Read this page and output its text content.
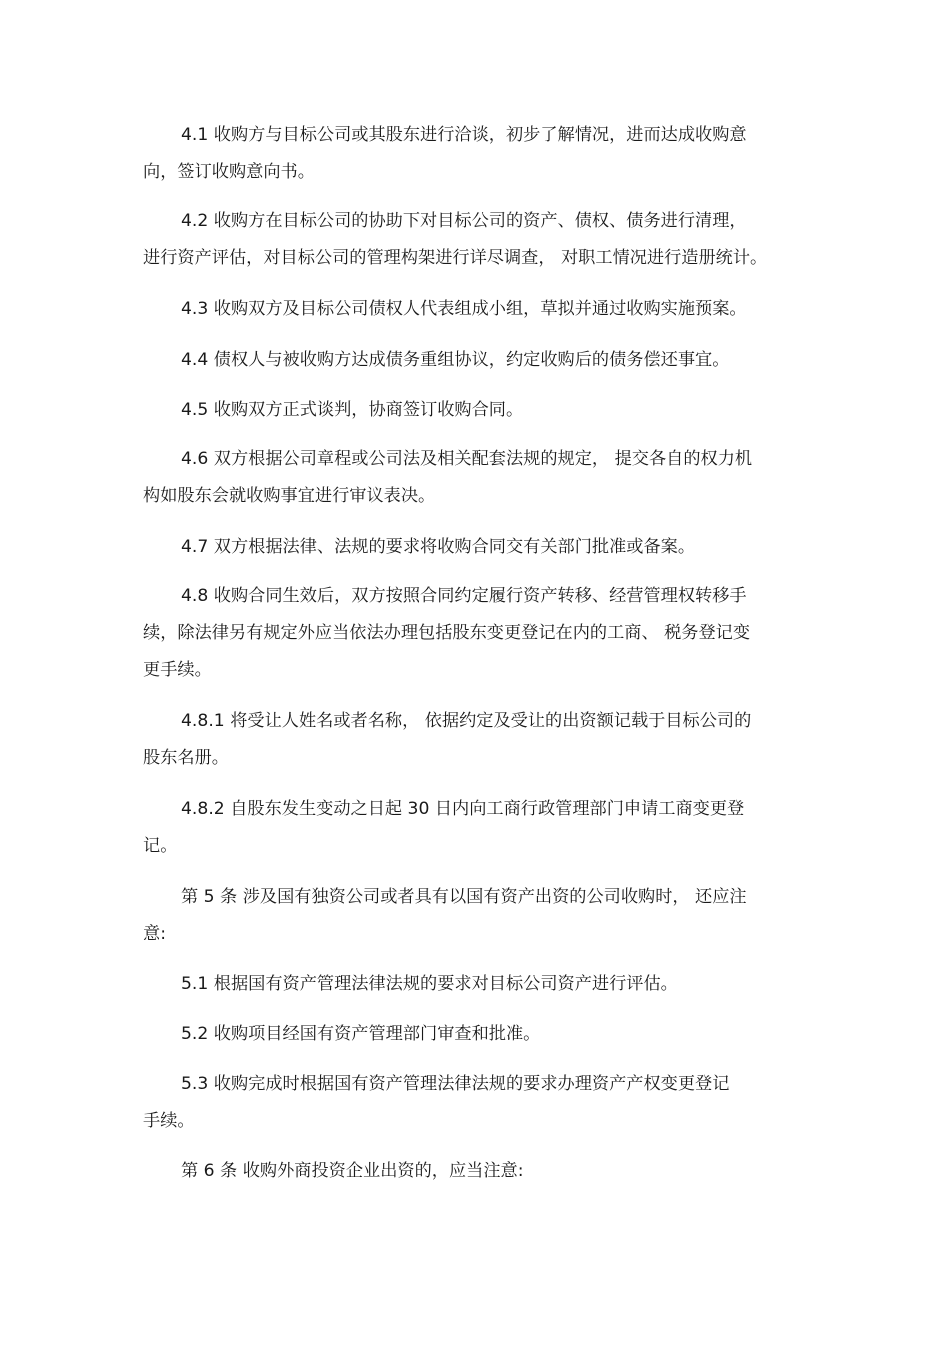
4.1 收购方与目标公司或其股东进行洽谈，初步了解情况，进而达成收购意
向，签订收购意向书。

4.2 收购方在目标公司的协助下对目标公司的资产、债权、债务进行清理，
进行资产评估，对目标公司的管理构架进行详尽调查， 对职工情况进行造册统计。

4.3 收购双方及目标公司债权人代表组成小组，草拟并通过收购实施预案。

4.4 债权人与被收购方达成债务重组协议，约定收购后的债务偿还事宜。

4.5 收购双方正式谈判，协商签订收购合同。

4.6 双方根据公司章程或公司法及相关配套法规的规定， 提交各自的权力机
构如股东会就收购事宜进行审议表决。

4.7 双方根据法律、法规的要求将收购合同交有关部门批准或备案。

4.8 收购合同生效后，双方按照合同约定履行资产转移、经营管理权转移手
续，除法律另有规定外应当依法办理包括股东变更登记在内的工商、 税务登记变
更手续。

4.8.1 将受让人姓名或者名称， 依据约定及受让的出资额记载于目标公司的
股东名册。

4.8.2 自股东发生变动之日起 30 日内向工商行政管理部门申请工商变更登
记。

第 5 条 涉及国有独资公司或者具有以国有资产出资的公司收购时， 还应注
意:

5.1 根据国有资产管理法律法规的要求对目标公司资产进行评估。

5.2 收购项目经国有资产管理部门审查和批准。

5.3 收购完成时根据国有资产管理法律法规的要求办理资产产权变更登记
手续。

第 6 条 收购外商投资企业出资的，应当注意:
